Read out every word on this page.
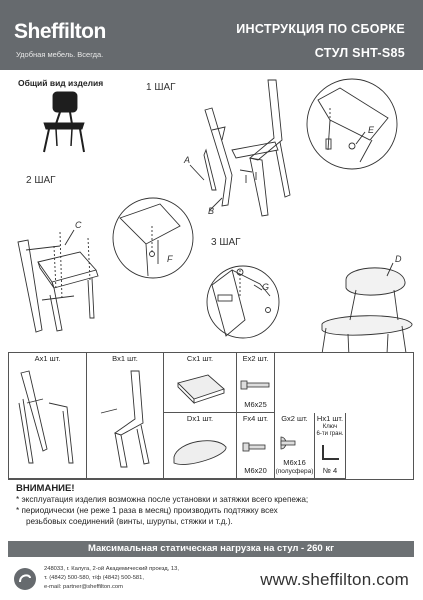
Sheffilton
Удобная мебель. Всегда.
ИНСТРУКЦИЯ ПО СБОРКЕ
СТУЛ SHT-S85
Общий вид изделия	1 ШАГ
2 ШАГ
3 ШАГ
A
B
C
D
E
F
G
Ax1 шт.	Bx1 шт.	Cx1 шт.	Ex2 шт.
M6x25
Dx1 шт.	Fx4 шт.
M6x20
Gx2 шт.
M6x16
(полусфера)
Hx1 шт.
Ключ
6-ти гран.
№ 4
ВНИМАНИЕ!
* эксплуатация изделия возможна после установки и затяжки всего крепежа;
* периодически (не реже 1 раза в месяц) производить подтяжку всех
резьбовых соединений (винты, шурупы, стяжки и т.д.).
Максимальная статическая нагрузка на стул - 260 кг
248033, г. Калуга, 2-ой Академический проезд, 13,
т. (4842) 500-580, т/ф (4842) 500-581,
e-mail: partner@sheffilton.com	www.sheffilton.com
